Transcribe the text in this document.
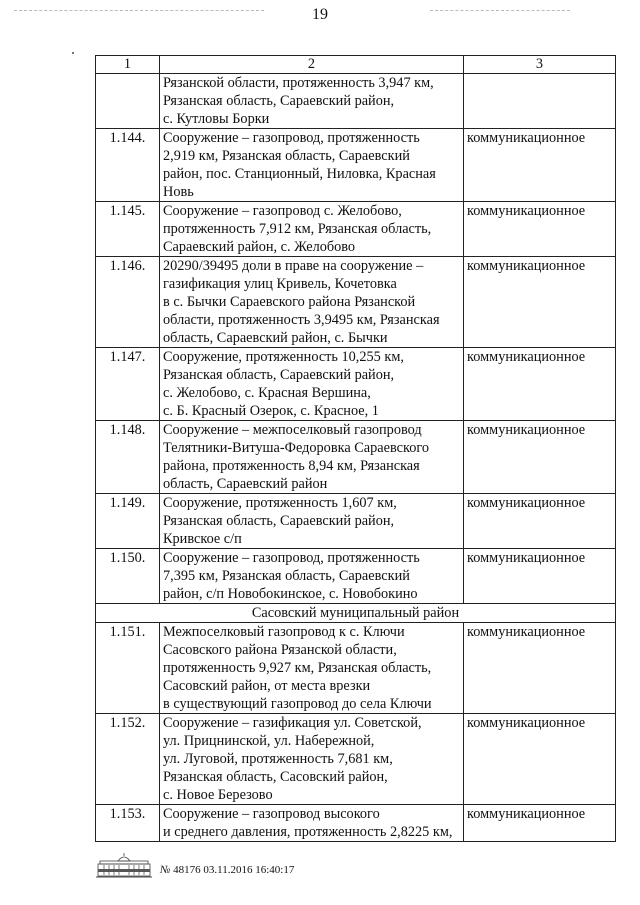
19
1	2	3

	Рязанской области, протяженность 3,947 км,
Рязанская область, Сараевский район,
с. Кутловы Борки	

1.144.	Сооружение – газопровод, протяженность
2,919 км, Рязанская область, Сараевский
район, пос. Станционный, Ниловка, Красная
Новь	коммуникационное
1.145.	Сооружение – газопровод с. Желобово,
протяженность 7,912 км, Рязанская область,
Сараевский район, с. Желобово	коммуникационное
1.146.	20290/39495 доли в праве на сооружение –
газификация улиц Кривель, Кочетовка
в с. Бычки Сараевского района Рязанской
области, протяженность 3,9495 км, Рязанская
область, Сараевский район, с. Бычки	коммуникационное
1.147.	Сооружение, протяженность 10,255 км,
Рязанская область, Сараевский район,
с. Желобово, с. Красная Вершина,
с. Б. Красный Озерок, с. Красное, 1	коммуникационное
1.148.	Сооружение – межпоселковый газопровод
Телятники-Витуша-Федоровка Сараевского
района, протяженность 8,94 км, Рязанская
область, Сараевский район	коммуникационное
1.149.	Сооружение, протяженность 1,607 км,
Рязанская область, Сараевский район,
Кривское с/п	коммуникационное
1.150.	Сооружение – газопровод, протяженность
7,395 км, Рязанская область, Сараевский
район, с/п Новобокинское, с. Новобокино	коммуникационное
Сасовский муниципальный район		
1.151.	Межпоселковый газопровод к с. Ключи
Сасовского района Рязанской области,
протяженность 9,927 км, Рязанская область,
Сасовский район, от места врезки
в существующий газопровод до села Ключи	коммуникационное
1.152.	Сооружение – газификация ул. Советской,
ул. Прицнинской, ул. Набережной,
ул. Луговой, протяженность 7,681 км,
Рязанская область, Сасовский район,
с. Новое Березово	коммуникационное
1.153.	Сооружение – газопровод высокого
и среднего давления, протяженность 2,8225 км,	коммуникационное
№ 48176 03.11.2016 16:40:17
